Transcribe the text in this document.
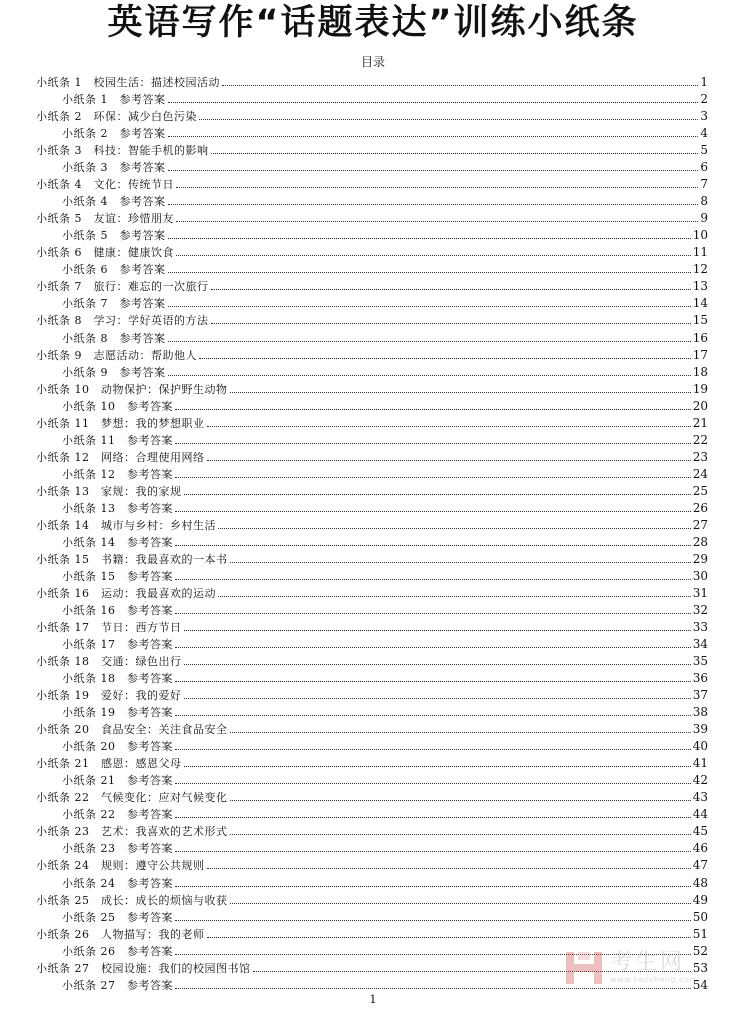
英语写作“话题表达”训练小纸条
目录
小纸条 1　校园生活：描述校园活动	1
小纸条 1　参考答案	2
小纸条 2　环保：减少白色污染	3
小纸条 2　参考答案	4
小纸条 3　科技：智能手机的影响	5
小纸条 3　参考答案	6
小纸条 4　文化：传统节日	7
小纸条 4　参考答案	8
小纸条 5　友谊：珍惜朋友	9
小纸条 5　参考答案	10
小纸条 6　健康：健康饮食	11
小纸条 6　参考答案	12
小纸条 7　旅行：难忘的一次旅行	13
小纸条 7　参考答案	14
小纸条 8　学习：学好英语的方法	15
小纸条 8　参考答案	16
小纸条 9　志愿活动：帮助他人	17
小纸条 9　参考答案	18
小纸条 10　动物保护：保护野生动物	19
小纸条 10　参考答案	20
小纸条 11　梦想：我的梦想职业	21
小纸条 11　参考答案	22
小纸条 12　网络：合理使用网络	23
小纸条 12　参考答案	24
小纸条 13　家规：我的家规	25
小纸条 13　参考答案	26
小纸条 14　城市与乡村：乡村生活	27
小纸条 14　参考答案	28
小纸条 15　书籍：我最喜欢的一本书	29
小纸条 15　参考答案	30
小纸条 16　运动：我最喜欢的运动	31
小纸条 16　参考答案	32
小纸条 17　节日：西方节日	33
小纸条 17　参考答案	34
小纸条 18　交通：绿色出行	35
小纸条 18　参考答案	36
小纸条 19　爱好：我的爱好	37
小纸条 19　参考答案	38
小纸条 20　食品安全：关注食品安全	39
小纸条 20　参考答案	40
小纸条 21　感恩：感恩父母	41
小纸条 21　参考答案	42
小纸条 22　气候变化：应对气候变化	43
小纸条 22　参考答案	44
小纸条 23　艺术：我喜欢的艺术形式	45
小纸条 23　参考答案	46
小纸条 24　规则：遵守公共规则	47
小纸条 24　参考答案	48
小纸条 25　成长：成长的烦恼与收获	49
小纸条 25　参考答案	50
小纸条 26　人物描写：我的老师	51
小纸条 26　参考答案	52
小纸条 27　校园设施：我们的校园图书馆	53
小纸条 27　参考答案	54
考生网
www.kaosheng.com
1
